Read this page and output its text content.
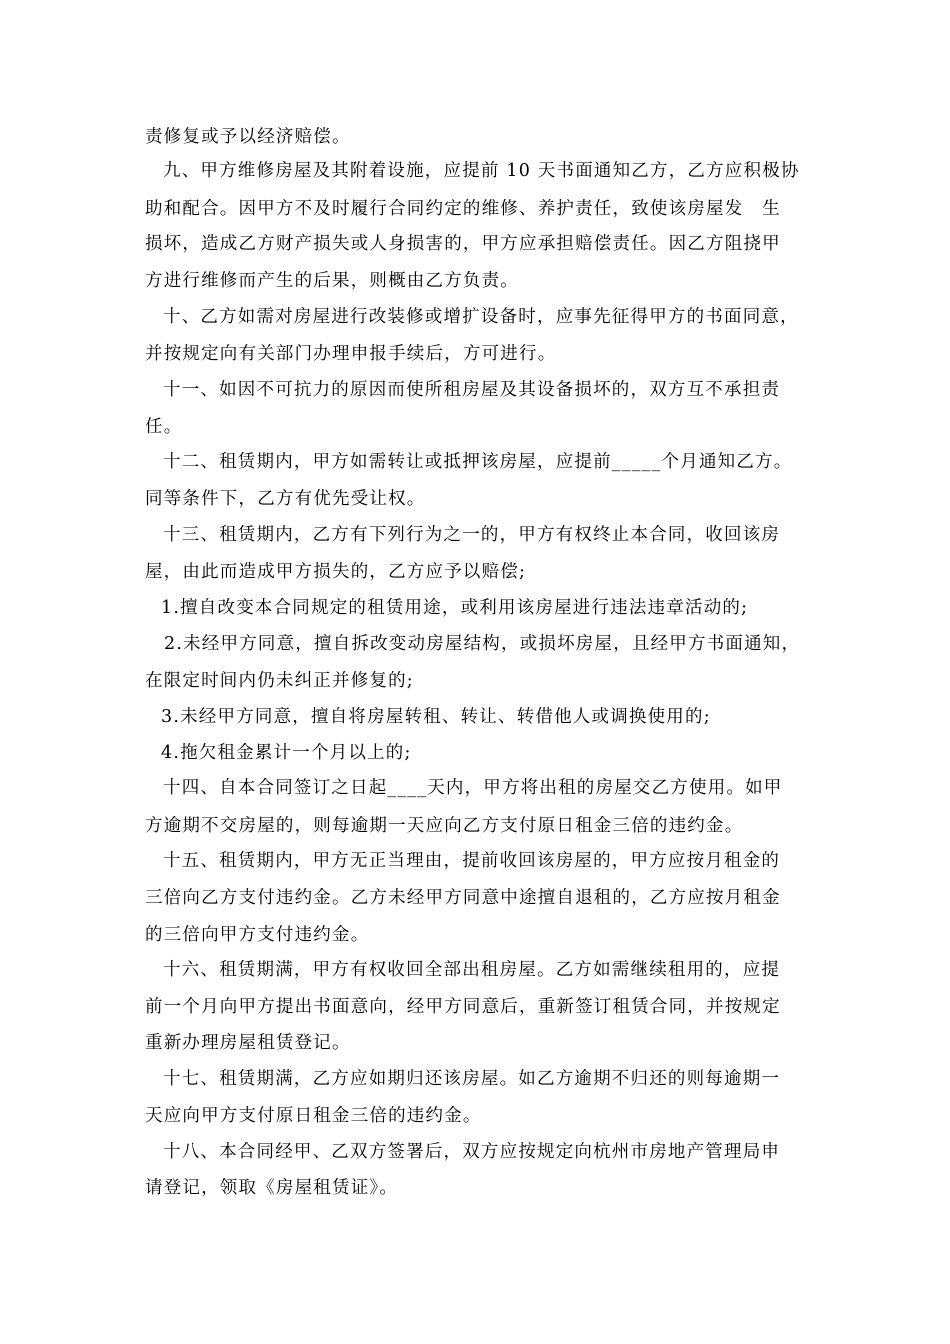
责修复或予以经济赔偿。
九、甲方维修房屋及其附着设施，应提前 10 天书面通知乙方，乙方应积极协
助和配合。因甲方不及时履行合同约定的维修、养护责任，致使该房屋发　生
损坏，造成乙方财产损失或人身损害的，甲方应承担赔偿责任。因乙方阻挠甲
方进行维修而产生的后果，则概由乙方负责。
十、乙方如需对房屋进行改装修或增扩设备时，应事先征得甲方的书面同意，
并按规定向有关部门办理申报手续后，方可进行。
十一、如因不可抗力的原因而使所租房屋及其设备损坏的，双方互不承担责
任。
十二、租赁期内，甲方如需转让或抵押该房屋，应提前_____个月通知乙方。
同等条件下，乙方有优先受让权。
十三、租赁期内，乙方有下列行为之一的，甲方有权终止本合同，收回该房
屋，由此而造成甲方损失的，乙方应予以赔偿;
1.擅自改变本合同规定的租赁用途，或利用该房屋进行违法违章活动的;
2.未经甲方同意，擅自拆改变动房屋结构，或损坏房屋，且经甲方书面通知，
在限定时间内仍未纠正并修复的;
3.未经甲方同意，擅自将房屋转租、转让、转借他人或调换使用的;
4.拖欠租金累计一个月以上的;
十四、自本合同签订之日起____天内，甲方将出租的房屋交乙方使用。如甲
方逾期不交房屋的，则每逾期一天应向乙方支付原日租金三倍的违约金。
十五、租赁期内，甲方无正当理由，提前收回该房屋的，甲方应按月租金的
三倍向乙方支付违约金。乙方未经甲方同意中途擅自退租的，乙方应按月租金
的三倍向甲方支付违约金。
十六、租赁期满，甲方有权收回全部出租房屋。乙方如需继续租用的，应提
前一个月向甲方提出书面意向，经甲方同意后，重新签订租赁合同，并按规定
重新办理房屋租赁登记。
十七、租赁期满，乙方应如期归还该房屋。如乙方逾期不归还的则每逾期一
天应向甲方支付原日租金三倍的违约金。
十八、本合同经甲、乙双方签署后，双方应按规定向杭州市房地产管理局申
请登记，领取《房屋租赁证》。
